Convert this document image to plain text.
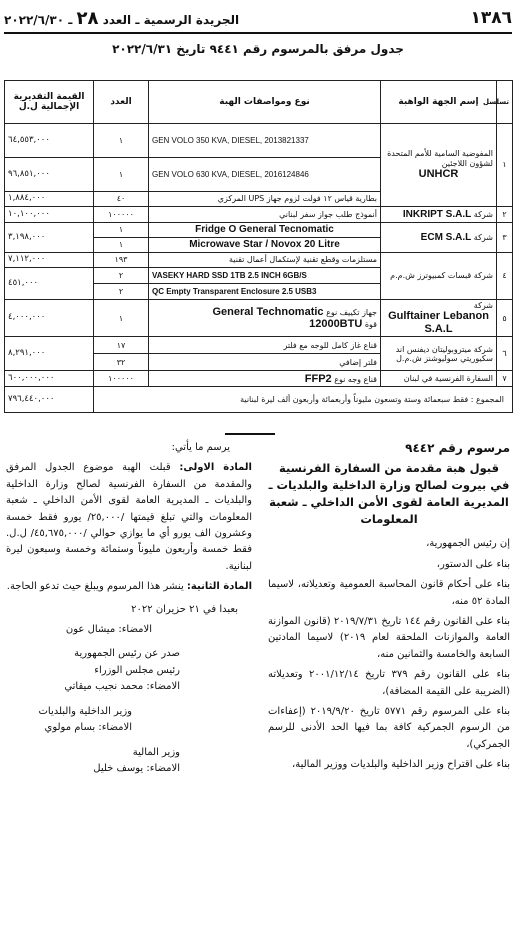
١٣٨٦
الجريدة الرسمية ـ العدد ٢٨ ـ ٢٠٢٢/٦/٣٠
جدول مرفق بالمرسوم رقم ٩٤٤١ تاريخ ٢٠٢٢/٦/٣١
تسلسل	إسم الجهة الواهبة	نوع ومواصفات الهبة	العدد	القيمة التقديرية الإجمالية ل.ل
١	المفوضية السامية للأمم المتحدة لشؤون اللاجئين
UNHCR	GEN VOLO 350 KVA, DIESEL, 2013821337	١	٦٤,٥٥٣,٠٠٠
		GEN VOLO 630 KVA, DIESEL, 2016124846	١	٩٦,٨٥١,٠٠٠
		بطارية قياس ١٢ فولت لزوم جهاز UPS المركزي	٤٠	١,٨٨٤,٠٠٠
٢	شركة INKRIPT S.A.L	أنموذج طلب جواز سفر لبناني	١٠٠٠٠٠	١٠,١٠٠,٠٠٠
٣	شركة ECM S.A.L	Fridge O General Tecnomatic	١	٣,١٩٨,٠٠٠
		Microwave Star / Novox 20 Litre	١	
٤	شركة قبسات كمبيوترز ش.م.م	مستلزمات وقطع تقنية لإستكمال أعمال تقنية	١٩٣	٧,١١٢,٠٠٠
		VASEKY HARD SSD 1TB 2.5 INCH 6GB/S	٢	٤٥١,٠٠٠
		QC Empty Transparent Enclosure 2.5 USB3	٢	
٥	شركة
Gulftainer Lebanon S.A.L	جهاز تكييف نوع General Technomatic
قوة 12000BTU	١	٤,٠٠٠,٠٠٠
٦	شركة ميتروبوليتان ديفنس اند سكيوريتي سوليوشنز ش.م.ل	قناع غاز كامل للوجه مع فلتر	١٧	٨,٢٩١,٠٠٠
		فلتر إضافي	٣٢	
٧	السفارة الفرنسية في لبنان	قناع وجه نوع FFP2	١٠٠٠٠٠	٦٠٠,٠٠٠,٠٠٠
المجموع : فقط سبعمائة وستة وتسعون مليوناً وأربعمائة وأربعون ألف ليرة لبنانية				٧٩٦,٤٤٠,٠٠٠
مرسوم رقم ٩٤٤٢
قبول هبة مقدمة من السفارة الفرنسية في بيروت لصالح وزارة الداخلية والبلديات ـ المديرية العامة لقوى الأمن الداخلي ـ شعبة المعلومات

إن رئيس الجمهورية،

بناء على الدستور،

بناء على أحكام قانون المحاسبة العمومية وتعديلاته، لاسيما المادة ٥٢ منه،

بناء على القانون رقم ١٤٤ تاريخ ٢٠١٩/٧/٣١ (قانون الموازنة العامة والموازنات الملحقة لعام ٢٠١٩) لاسيما المادتين السابعة والخامسة والثمانين منه،

بناء على القانون رقم ٣٧٩ تاريخ ٢٠٠١/١٢/١٤ وتعديلاته (الضريبة على القيمة المضافة)،

بناء على المرسوم رقم ٥٧٧١ تاريخ ٢٠١٩/٩/٢٠ (إعفاءات من الرسوم الجمركية كافة بما فيها الحد الأدنى للرسم الجمركي)،

بناء على اقتراح وزير الداخلية والبلديات ووزير المالية،

يرسم ما يأتي:

المادة الاولى: قبلت الهبة موضوع الجدول المرفق والمقدمة من السفارة الفرنسية لصالح وزارة الداخلية والبلديات ـ المديرية العامة لقوى الأمن الداخلي ـ شعبة المعلومات والتي تبلغ قيمتها /٢٥,٠٠٠/ يورو فقط خمسة وعشرون الف يورو أي ما يوازي حوالي /٤٥,٦٧٥,٠٠٠/ ل.ل. فقط خمسة وأربعون مليوناً وستمائة وخمسة وسبعون ليرة لبنانية.

المادة الثانية: ينشر هذا المرسوم ويبلغ حيث تدعو الحاجة.

بعبدا في ٢١ حزيران ٢٠٢٢

الامضاء: ميشال عون

صدر عن رئيس الجمهورية

رئيس مجلس الوزراء

الامضاء: محمد نجيب ميقاتي

وزير الداخلية والبلديات

الامضاء: بسام مولوي

وزير المالية

الامضاء: يوسف خليل
